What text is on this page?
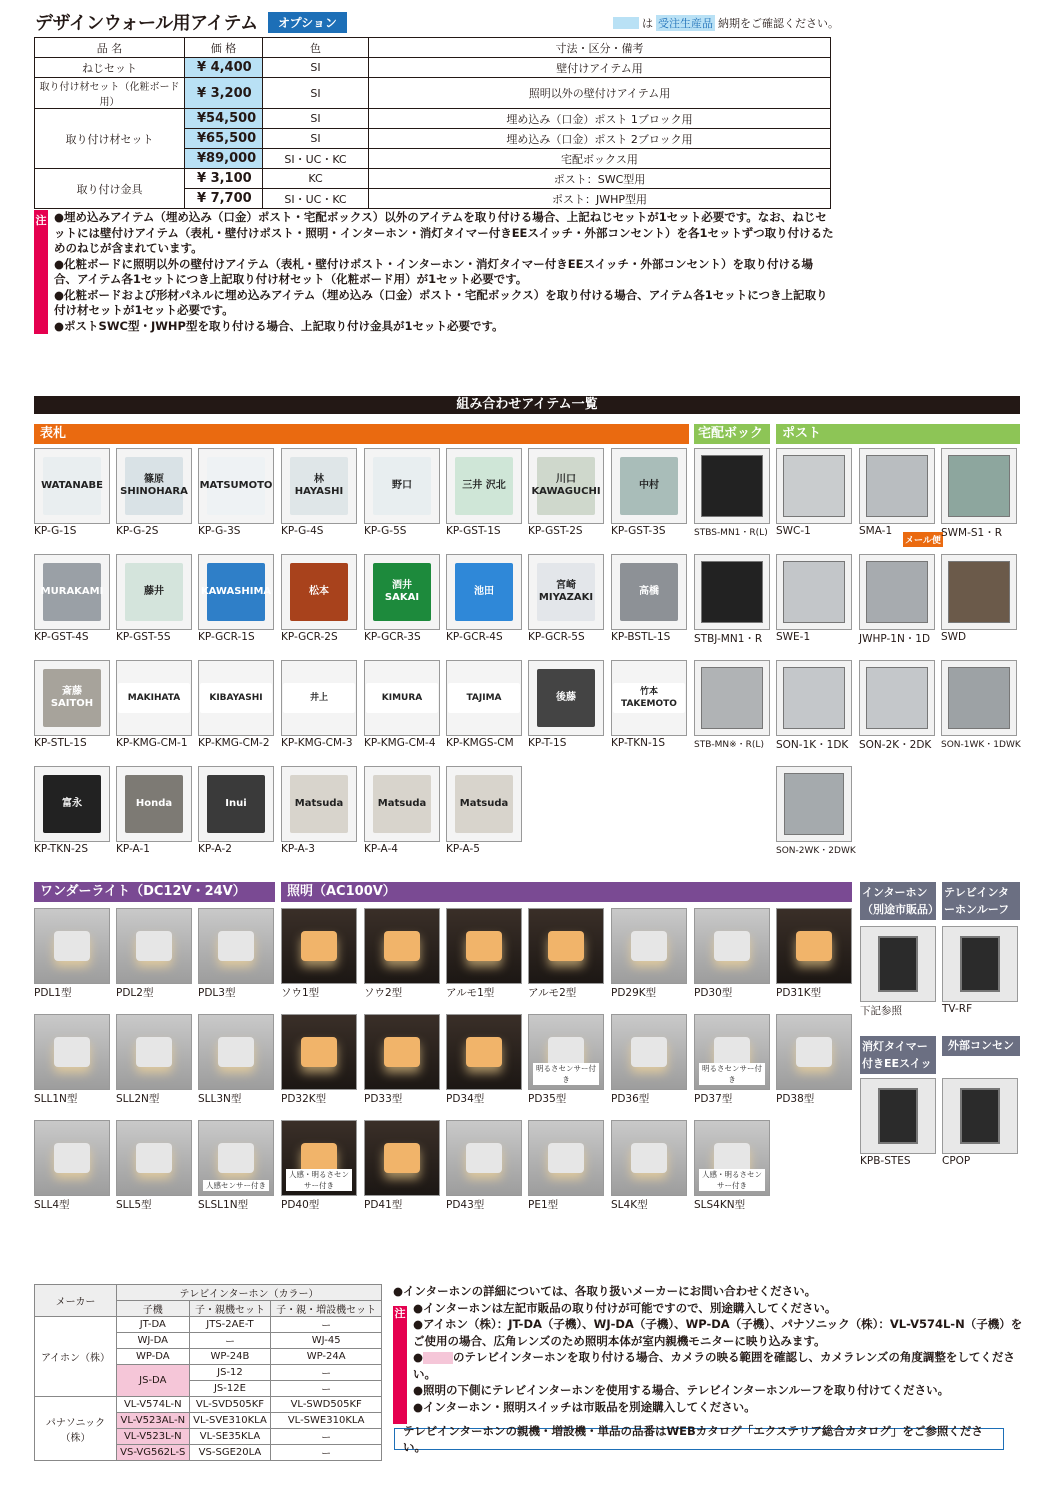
デザインウォール用アイテム	オプション	は 受注生産品 納期をご確認ください。
品 名	価 格	色	寸法・区分・備考
ねじセット	¥ 4,400	SI	壁付けアイテム用
取り付け材セット（化粧ボード用）	¥ 3,200	SI	照明以外の壁付けアイテム用
取り付け材セット	¥54,500	SI	埋め込み（口金）ポスト 1ブロック用
	¥65,500	SI	埋め込み（口金）ポスト 2ブロック用
	¥89,000	SI・UC・KC	宅配ボックス用
取り付け金具	¥ 3,100	KC	ポスト：SWC型用
	¥ 7,700	SI・UC・KC	ポスト：JWHP型用
注 ●埋め込みアイテム（埋め込み（口金）ポスト・宅配ボックス）以外のアイテムを取り付ける場合、上記ねじセットが1セット必要です。なお、ねじセットには壁付けアイテム（表札・壁付けポスト・照明・インターホン・消灯タイマー付きEEスイッチ・外部コンセント）を各1セットずつ取り付けるためのねじが含まれています。
●化粧ボードに照明以外の壁付けアイテム（表札・壁付けポスト・インターホン・消灯タイマー付きEEスイッチ・外部コンセント）を取り付ける場合、アイテム各1セットにつき上記取り付け材セット（化粧ボード用）が1セット必要です。
●化粧ボードおよび形材パネルに埋め込みアイテム（埋め込み（口金）ポスト・宅配ボックス）を取り付ける場合、アイテム各1セットにつき上記取り付け材セットが1セット必要です。
●ポストSWC型・JWHP型を取り付ける場合、上記取り付け金具が1セット必要です。
組み合わせアイテム一覧
表札	宅配ボック	ポスト
WATANABE
KP-G-1S
篠原 SHINOHARA
KP-G-2S
MATSUMOTO
KP-G-3S
林 HAYASHI
KP-G-4S
野口
KP-G-5S
三井 沢北
KP-GST-1S
川口 KAWAGUCHI
KP-GST-2S
中村
KP-GST-3S	STBS-MN1・R(L) SWC-1	SMA-1
メール便
SWM-S1・R
MURAKAMI
KP-GST-4S
藤井
KP-GST-5S
KAWASHIMA
KP-GCR-1S
松本
KP-GCR-2S
酒井 SAKAI
KP-GCR-3S
池田
KP-GCR-4S
宮崎 MIYAZAKI
KP-GCR-5S
高橋
KP-BSTL-1S	STBJ-MN1・R	SWE-1	JWHP-1N・1D	SWD
斎藤 SAITOH
KP-STL-1S
MAKIHATA
KP-KMG-CM-1
KIBAYASHI
KP-KMG-CM-2
井上
KP-KMG-CM-3
KIMURA
KP-KMG-CM-4
TAJIMA
KP-KMGS-CM
後藤
KP-T-1S
竹本 TAKEMOTO
KP-TKN-1S	STB-MN※・R(L)	SON-1K・1DK	SON-2K・2DK	SON-1WK・1DWK
富永
KP-TKN-2S
Honda
KP-A-1
Inui
KP-A-2
Matsuda
KP-A-3
Matsuda
KP-A-4
Matsuda
KP-A-5	SON-2WK・2DWK
ワンダーライト（DC12V・24V）	照明（AC100V）	インターホン（別途市販品）
テレビインターホンルーフ
消灯タイマー付きEEスイッ
外部コンセント
PDL1型	PDL2型	PDL3型	ソウ1型	ソウ2型	アルモ1型	アルモ2型	PD29K型	PD30型	PD31K型
SLL1N型	SLL2N型	SLL3N型	PD32K型	PD33型	PD34型
明るさセンサー付き
PD35型	PD36型
明るさセンサー付き
PD37型	PD38型
SLL4型	SLL5型
人感センサー付き
SLSL1N型
人感・明るさセンサー付き
PD40型	PD41型	PD43型	PE1型	SL4K型
人感・明るさセンサー付き
SLS4KN型
下記参照	TV-RF
KPB-STES	CPOP
メーカー	テレビインターホン（カラー）		
	子機	子・親機セット	子・親・増設機セット
アイホン（株）	JT-DA	JTS-2AE-T	ー
	WJ-DA	ー	WJ-45
	WP-DA	WP-24B	WP-24A
	JS-DA	JS-12	ー
		JS-12E	ー
パナソニック（株）	VL-V574L-N	VL-SVD505KF	VL-SWD505KF
	VL-V523AL-N	VL-SVE310KLA	VL-SWE310KLA
	VL-V523L-N	VL-SE35KLA	ー
	VS-VG562L-S	VS-SGE20LA	ー
●インターホンの詳細については、各取り扱いメーカーにお問い合わせください。
注 ●インターホンは左記市販品の取り付けが可能ですので、別途購入してください。
●アイホン（株）：JT-DA（子機）、WJ-DA（子機）、WP-DA（子機）、パナソニック（株）：VL-V574L-N（子機）をご使用の場合、広角レンズのため照明本体が室内親機モニターに映り込みます。
●	のテレビインターホンを取り付ける場合、カメラの映る範囲を確認し、カメラレンズの角度調整をしてください。
●照明の下側にテレビインターホンを使用する場合、テレビインターホンルーフを取り付けてください。
●インターホン・照明スイッチは市販品を別途購入してください。
テレビインターホンの親機・増設機・単品の品番はWEBカタログ「エクステリア総合カタログ」をご参照ください。
